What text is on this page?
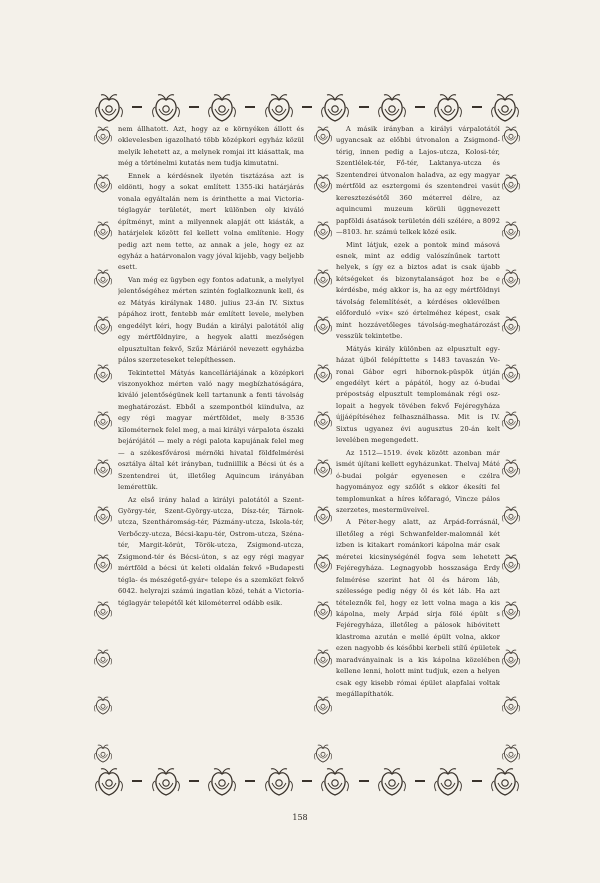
nem állhatott. Azt, hogy az e környéken állott és oklevelesben igazolható több középkori egyház közül melyik lehetett az, a melynek romjai itt kiásattak, ma még a történelmi kutatás nem tudja kimutatni.

Ennek a kérdésnek ilyetén tisztázása azt is eldönti, hogy a sokat említett 1355-iki határjárás vonala egyáltalán nem is érinthette a mai Victoria-téglagyár területét, mert különben oly kiváló építményt, mint a milyennek alapját ott kiásták, a határjelek között fel kellett volna említenie. Hogy pedig azt nem tette, az annak a jele, hogy ez az egyház a határvonalon vagy jóval kijebb, vagy beljebb esett.

Van még ez ügyben egy fontos adatunk, a melylyel jelentőségéhez mérten szintén foglalkoznunk kell, és ez Mátyás királynak 1480. julius 23-án IV. Sixtus pápához irott, fentebb már említett levele, melyben engedélyt kéri, hogy Budán a királyi palotától alig egy mértföldnyire, a hegyek alatti mezőségen elpusztultan fekvő, Szűz Máriáról nevezett egyházba pálos szerzeteseket telepíthessen.

Tekintettel Mátyás kancelláriájának a középkori viszonyokhoz mérten való nagy megbízhatóságára, kiváló jelentőségünek kell tartanunk a fenti távolság meghatározást. Ebből a szempontból kiindulva, az egy régi magyar mértföldet, mely 8·3536 kilométernek felel meg, a mai királyi várpalota északi bejárójától — mely a régi palota kapujának felel meg — a székesfővárosi mérnöki hivatal földfelmérési osztálya által két irányban, tudniillik a Bécsi út és a Szentendrei út, illetőleg Aquincum irányában lemérettük.

Az első irány halad a királyi palotától a Szent-György-tér, Szent-György-utcza, Dísz-tér, Tárnok-utcza, Szentháromság-tér, Pázmány-utcza, Iskola-tér, Verbőczy-utcza, Bécsi-kapu-tér, Ostrom-utcza, Széna-tér, Margit-körút, Török-utcza, Zsigmond-utcza, Zsigmond-tér és Bécsi-úton, s az egy régi magyar mértföld a bécsi út keleti oldalán fekvő »Budapesti tégla- és mészégető-gyár« telepe és a szemközt fekvő 6042. helyrajzi számú ingatlan közé, tehát a Victoria-téglagyár telepétől két kilométerrel odább esik.

A másik irányban a királyi várpalotától ugyancsak az előbbi útvonalon a Zsigmond-térig, innen pedig a Lajos-utcza, Kolosi-tér, Szentlélek-tér, Fő-tér, Laktanya-utcza és Szentendrei útvonalon haladva, az egy magyar mértföld az esztergomi és szentendrei vasút keresztezésétől 360 méterrel délre, az aquincumi muzeum körüli üggnevezett papföldi ásatások területén déli szélére, a 8092—8103. hr. számú telkek közé esik.

Mint látjuk, ezek a pontok mind másová esnek, mint az eddig valószínűnek tartott helyek, s így ez a biztos adat is csak újabb kétségeket és bizonytalanságot hoz be e kérdésbe, még akkor is, ha az egy mértföldnyi távolság felemlítését, a kérdéses oklevélben előforduló »vix« szó értelméhez képest, csak mint hozzávetőleges távolság-meghatározást vesszük tekintetbe.

Mátyás király különben az elpusztult egyházat újból felépíttette s 1483 tavaszán Veronai Gábor egri hibornok-püspök útján engedélyt kért a pápától, hogy az ó-budai prépostság elpusztult templomának régi oszlopait a hegyek tövében fekvő Fejéregyháza újjáépítéséhez felhasználhassa. Mit is IV. Sixtus ugyanez évi augusztus 20-án kelt levelében megengedett.

Az 1512—1519. évek között azonban már ismét újítani kellett egyházunkat. Thelvaj Máté ó-budai polgár egyenesen e czélra hagyományoz egy szőlőt s ekkor ékesíti fel templomunkat a híres kőfaragó, Vincze pálos szerzetes, mestermüveivel.

A Péter-hegy alatt, az Árpád-forrásnál, illetőleg a régi Schwanfelder-malomnál két izben is kitakart románkori kápolna már csak méretei kicsinységénél fogva sem lehetett Fejéregyháza. Legnagyobb hosszasága Érdy felmérése szerint hat öl és három láb, szélessége pedig négy öl és két láb. Ha azt tételeznők fel, hogy ez lett volna maga a kis kápolna, mely Árpád sírja fölé épült s Fejéregyháza, illetőleg a pálosok hibóvitett klastroma azután e mellé épült volna, akkor ezen nagyobb és későbbi kerbeli stílű épületek maradványainak is a kis kápolna közelében kellene lenni, holott mint tudjuk, ezen a helyen csak egy kisebb római épület alapfalai voltak megállapíthatók.

158
